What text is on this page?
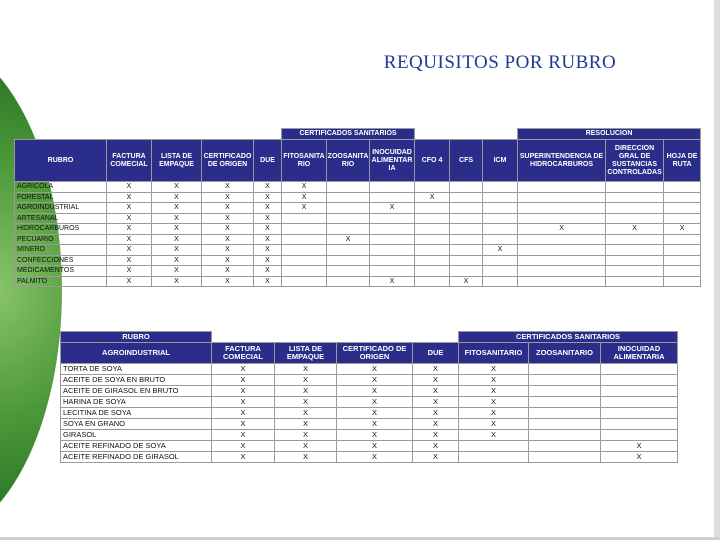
REQUISITOS POR RUBRO
					CERTIFICADOS SANITARIOS						RESOLUCION		
RUBRO	FACTURA COMECIAL	LISTA DE EMPAQUE	CERTIFICADO DE ORIGEN	DUE	FITOSANITA RIO	ZOOSANITA RIO	INOCUIDAD ALIMENTAR IA	CFO 4	CFS	ICM	SUPERINTENDENCIA DE HIDROCARBUROS	DIRECCION GRAL DE SUSTANCIAS CONTROLADAS	HOJA DE RUTA
AGRICOLA	X	X	X	X	X								
FORESTAL	X	X	X	X	X			X					
AGROINDUSTRIAL	X	X	X	X	X		X						
ARTESANAL	X	X	X	X									
HIDROCARBUROS	X	X	X	X							X	X	X
PECUARIO	X	X	X	X		X							
MINERO	X	X	X	X						X			
CONFECCIONES	X	X	X	X									
MEDICAMENTOS	X	X	X	X									
PALMITO	X	X	X	X			X		X				
RUBRO					CERTIFICADOS SANITARIOS		
AGROINDUSTRIAL	FACTURA COMECIAL	LISTA DE EMPAQUE	CERTIFICADO DE ORIGEN	DUE	FITOSANITARIO	ZOOSANITARIO	INOCUIDAD ALIMENTARIA
TORTA DE SOYA	X	X	X	X	X		
ACEITE DE SOYA EN BRUTO	X	X	X	X	X		
ACEITE DE GIRASOL EN BRUTO	X	X	X	X	X		
HARINA DE SOYA	X	X	X	X	X		
LECITINA DE SOYA	X	X	X	X	X		
SOYA EN GRANO	X	X	X	X	X		
GIRASOL	X	X	X	X	X		
ACEITE REFINADO DE SOYA	X	X	X	X			X
ACEITE REFINADO DE GIRASOL	X	X	X	X			X
